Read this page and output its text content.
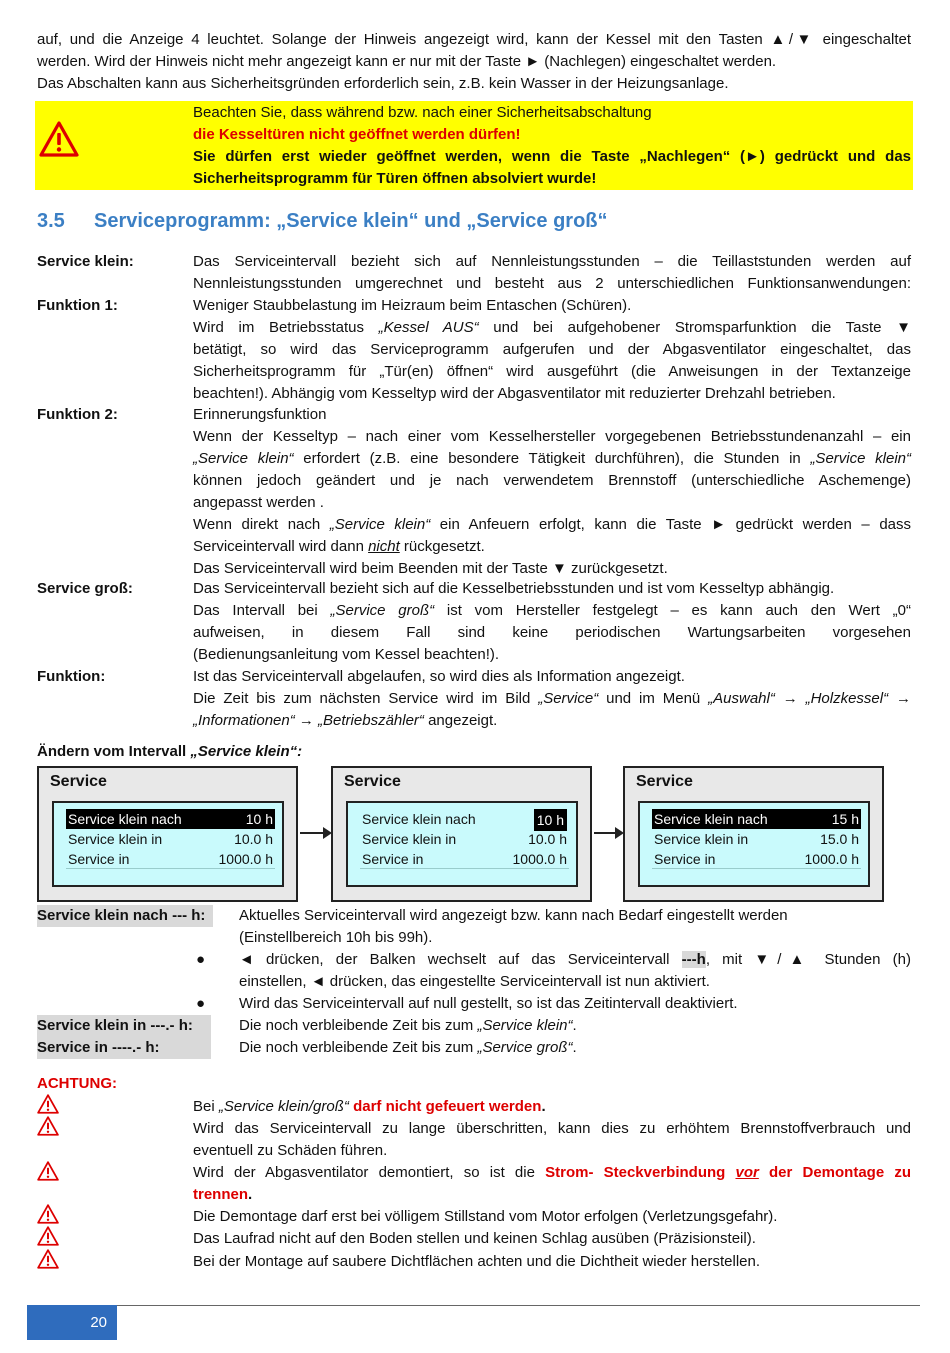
auf, und die Anzeige 4 leuchtet. Solange der Hinweis angezeigt wird, kann der Kessel mit den Tasten ▲/▼ eingeschaltet
werden. Wird der Hinweis nicht mehr angezeigt kann er nur mit der Taste ► (Nachlegen) eingeschaltet werden.
Das Abschalten kann aus Sicherheitsgründen erforderlich sein, z.B. kein Wasser in der Heizungsanlage.
Beachten Sie, dass während bzw. nach einer Sicherheitsabschaltung
die Kesseltüren nicht geöffnet werden dürfen!
Sie dürfen erst wieder geöffnet werden, wenn die Taste „Nachlegen“ (►) gedrückt und das
Sicherheitsprogramm für Türen öffnen absolviert wurde!
3.5 Serviceprogramm: „Service klein“ und „Service groß“
Service klein:	Das Serviceintervall bezieht sich auf Nennleistungsstunden – die Teillaststunden werden auf
Nennleistungsstunden umgerechnet und besteht aus 2 unterschiedlichen Funktionsanwendungen:
Funktion 1:	Weniger Staubbelastung im Heizraum beim Entaschen (Schüren).
Wird im Betriebsstatus „Kessel AUS“ und bei aufgehobener Stromsparfunktion die Taste ▼
betätigt, so wird das Serviceprogramm aufgerufen und der Abgasventilator eingeschaltet, das
Sicherheitsprogramm für „Tür(en) öffnen“ wird ausgeführt (die Anweisungen in der Textanzeige
beachten!). Abhängig vom Kesseltyp wird der Abgasventilator mit reduzierter Drehzahl betrieben.
Funktion 2:	Erinnerungsfunktion
Wenn der Kesseltyp – nach einer vom Kesselhersteller vorgegebenen Betriebsstundenanzahl – ein
„Service klein“ erfordert (z.B. eine besondere Tätigkeit durchführen), die Stunden in „Service klein“
können jedoch geändert und je nach verwendetem Brennstoff (unterschiedliche Aschemenge)
angepasst werden .
Wenn direkt nach „Service klein“ ein Anfeuern erfolgt, kann die Taste ► gedrückt werden – dass
Serviceintervall wird dann nicht rückgesetzt.
Das Serviceintervall wird beim Beenden mit der Taste ▼ zurückgesetzt.
Service groß:	Das Serviceintervall bezieht sich auf die Kesselbetriebsstunden und ist vom Kesseltyp abhängig.
Das Intervall bei „Service groß“ ist vom Hersteller festgelegt – es kann auch den Wert „0“
aufweisen, in diesem Fall sind keine periodischen Wartungsarbeiten vorgesehen
(Bedienungsanleitung vom Kessel beachten!).
Funktion:	Ist das Serviceintervall abgelaufen, so wird dies als Information angezeigt.
Die Zeit bis zum nächsten Service wird im Bild „Service“ und im Menü „Auswahl“ → „Holzkessel“ →
„Informationen“ → „Betriebszähler“ angezeigt.
Ändern vom Intervall „Service klein“:
Service
Service klein nach	10 h
Service klein in	10.0 h
Service in	1000.0 h
Service
Service klein nach	10 h
Service klein in	10.0 h
Service in	1000.0 h
Service
Service klein nach	15 h
Service klein in	15.0 h
Service in	1000.0 h
Service klein nach --- h:	Aktuelles Serviceintervall wird angezeigt bzw. kann nach Bedarf eingestellt werden
(Einstellbereich 10h bis 99h).
● ◄ drücken, der Balken wechselt auf das Serviceintervall ---h, mit ▼/▲ Stunden (h)
einstellen, ◄ drücken, das eingestellte Serviceintervall ist nun aktiviert.
● Wird das Serviceintervall auf null gestellt, so ist das Zeitintervall deaktiviert.
Service klein in ---.- h:	Die noch verbleibende Zeit bis zum „Service klein“.
Service in ----.- h:	Die noch verbleibende Zeit bis zum „Service groß“.
ACHTUNG:
Bei „Service klein/groß“ darf nicht gefeuert werden.
Wird das Serviceintervall zu lange überschritten, kann dies zu erhöhtem Brennstoffverbrauch und
eventuell zu Schäden führen.
Wird der Abgasventilator demontiert, so ist die Strom- Steckverbindung vor der Demontage zu
trennen.
Die Demontage darf erst bei völligem Stillstand vom Motor erfolgen (Verletzungsgefahr).
Das Laufrad nicht auf den Boden stellen und keinen Schlag ausüben (Präzisionsteil).
Bei der Montage auf saubere Dichtflächen achten und die Dichtheit wieder herstellen.
20
